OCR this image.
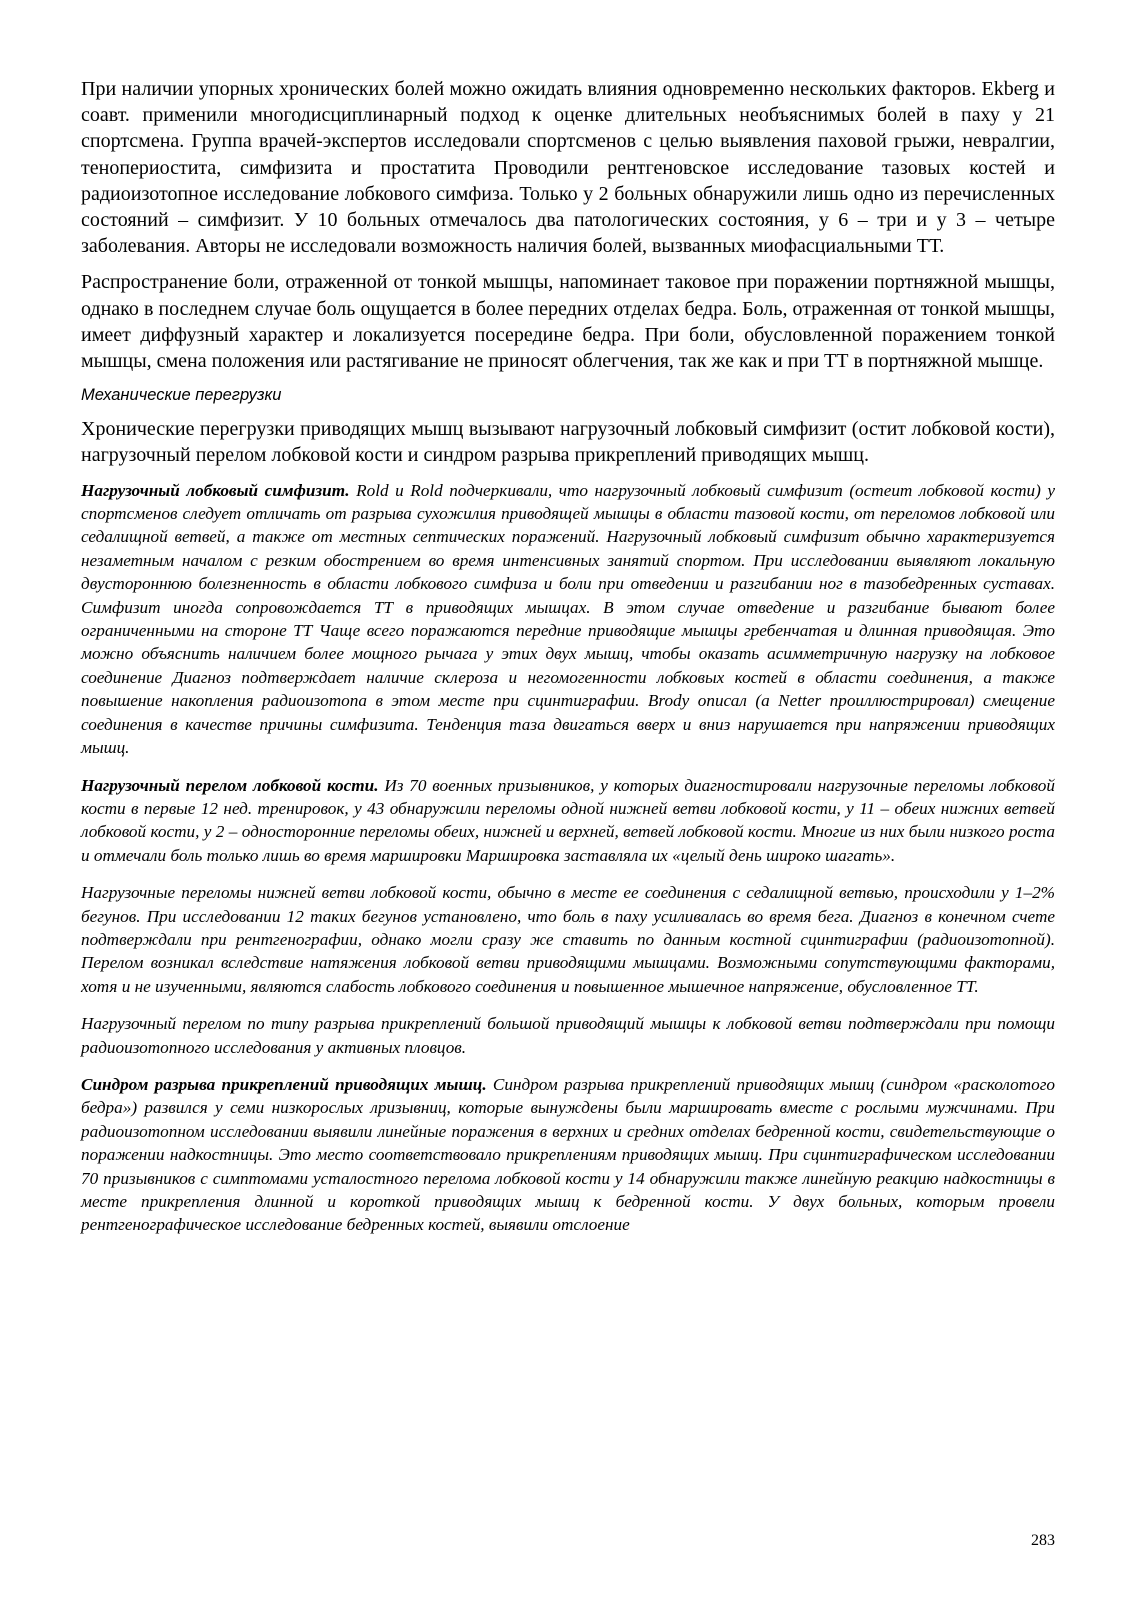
При наличии упорных хронических болей можно ожидать влияния одновременно нескольких факторов. Ekberg и соавт. применили многодисциплинарный подход к оценке длительных необъяснимых болей в паху у 21 спортсмена. Группа врачей-экспертов исследовали спортсменов с целью выявления паховой грыжи, невралгии, тенопериостита, симфизита и простатита Проводили рентгеновское исследование тазовых костей и радиоизотопное исследование лобкового симфиза. Только у 2 больных обнаружили лишь одно из перечисленных состояний – симфизит. У 10 больных отмечалось два патологических состояния, у 6 – три и у 3 – четыре заболевания. Авторы не исследовали возможность наличия болей, вызванных миофасциальными ТТ.

Распространение боли, отраженной от тонкой мышцы, напоминает таковое при поражении портняжной мышцы, однако в последнем случае боль ощущается в более передних отделах бедра. Боль, отраженная от тонкой мышцы, имеет диффузный характер и локализуется посередине бедра. При боли, обусловленной поражением тонкой мышцы, смена положения или растягивание не приносят облегчения, так же как и при ТТ в портняжной мышце.

Механические перегрузки

Хронические перегрузки приводящих мышц вызывают нагрузочный лобковый симфизит (остит лобковой кости), нагрузочный перелом лобковой кости и синдром разрыва прикреплений приводящих мышц.

Нагрузочный лобковый симфизит. Rold и Rold подчеркивали, что нагрузочный лобковый симфизит (остеит лобковой кости) у спортсменов следует отличать от разрыва сухожилия приводящей мышцы в области тазовой кости, от переломов лобковой или седалищной ветвей, а также от местных септических поражений. Нагрузочный лобковый симфизит обычно характеризуется незаметным началом с резким обострением во время интенсивных занятий спортом. При исследовании выявляют локальную двустороннюю болезненность в области лобкового симфиза и боли при отведении и разгибании ног в тазобедренных суставах. Симфизит иногда сопровождается ТТ в приводящих мышцах. В этом случае отведение и разгибание бывают более ограниченными на стороне ТТ Чаще всего поражаются передние приводящие мышцы гребенчатая и длинная приводящая. Это можно объяснить наличием более мощного рычага у этих двух мышц, чтобы оказать асимметричную нагрузку на лобковое соединение Диагноз подтверждает наличие склероза и негомогенности лобковых костей в области соединения, а также повышение накопления радиоизотопа в этом месте при сцинтиграфии. Brody описал (а Netter проиллюстрировал) смещение соединения в качестве причины симфизита. Тенденция таза двигаться вверх и вниз нарушается при напряжении приводящих мышц.

Нагрузочный перелом лобковой кости. Из 70 военных призывников, у которых диагностировали нагрузочные переломы лобковой кости в первые 12 нед. тренировок, у 43 обнаружили переломы одной нижней ветви лобковой кости, у 11 – обеих нижних ветвей лобковой кости, у 2 – односторонние переломы обеих, нижней и верхней, ветвей лобковой кости. Многие из них были низкого роста и отмечали боль только лишь во время маршировки Маршировка заставляла их «целый день широко шагать».

Нагрузочные переломы нижней ветви лобковой кости, обычно в месте ее соединения с седалищной ветвью, происходили у 1–2% бегунов. При исследовании 12 таких бегунов установлено, что боль в паху усиливалась во время бега. Диагноз в конечном счете подтверждали при рентгенографии, однако могли сразу же ставить по данным костной сцинтиграфии (радиоизотопной). Перелом возникал вследствие натяжения лобковой ветви приводящими мышцами. Возможными сопутствующими факторами, хотя и не изученными, являются слабость лобкового соединения и повышенное мышечное напряжение, обусловленное ТТ.

Нагрузочный перелом по типу разрыва прикреплений большой приводящий мышцы к лобковой ветви подтверждали при помощи радиоизотопного исследования у активных пловцов.

Синдром разрыва прикреплений приводящих мышц. Синдром разрыва прикреплений приводящих мышц (синдром «расколотого бедра») развился у семи низкорослых лризывниц, которые вынуждены были маршировать вместе с рослыми мужчинами. При радиоизотопном исследовании выявили линейные поражения в верхних и средних отделах бедренной кости, свидетельствующие о поражении надкостницы. Это место соответствовало прикреплениям приводящих мышц. При сцинтиграфическом исследовании 70 призывников с симптомами усталостного перелома лобковой кости у 14 обнаружили также линейную реакцию надкостницы в месте прикрепления длинной и короткой приводящих мышц к бедренной кости. У двух больных, которым провели рентгенографическое исследование бедренных костей, выявили отслоение

283
